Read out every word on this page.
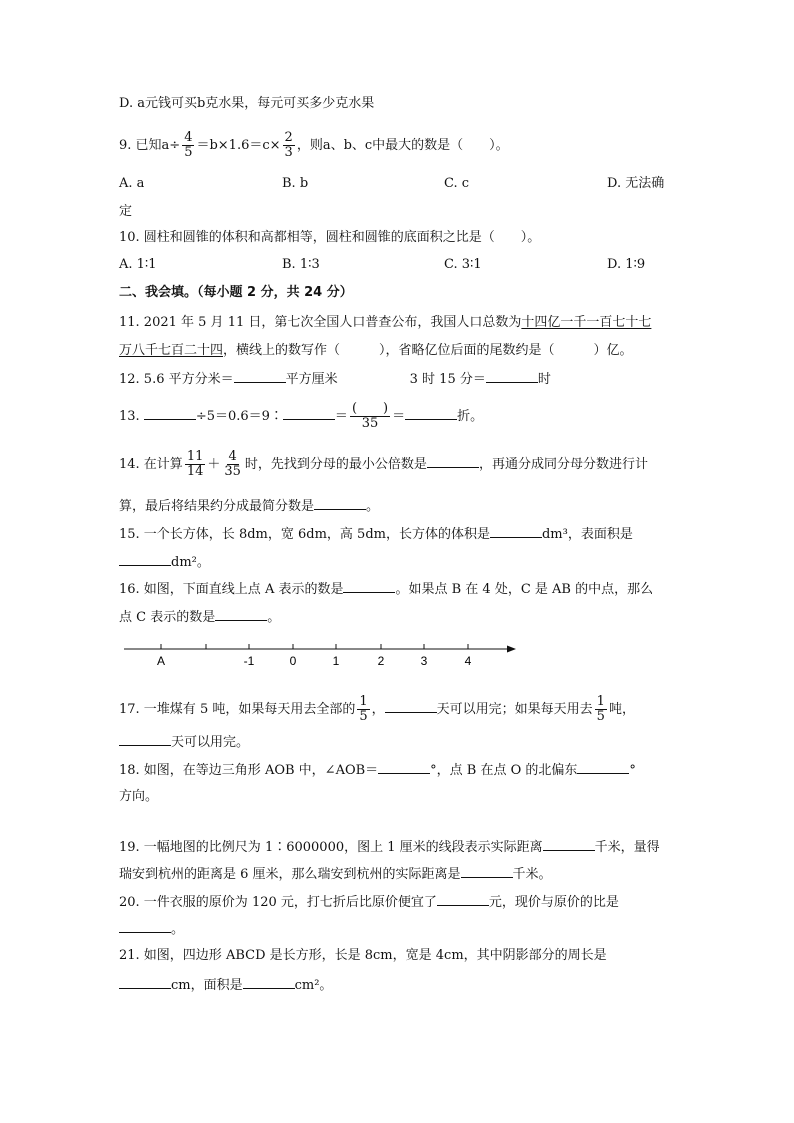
D. a元钱可买b克水果，每元可买多少克水果
9. 已知$a\div \frac{4}{5} =b\times 1.6=c\times \frac{2}{3}$ ，则a、b、c中最大的数是（　　）。
A. a	B. b	C. c	D. 无法确
定
10. 圆柱和圆锥的体积和高都相等，圆柱和圆锥的底面积之比是（　　）。
A. 1∶1	B. 1∶3	C. 3∶1	D. 1∶9
二、我会填。（每小题 2 分，共 24 分）
11. 2021 年 5 月 11 日，第七次全国人口普查公布，我国人口总数为十四亿一千一百七十七
万八千七百二十四，横线上的数写作（　　　），省略亿位后面的尾数约是（　　　）亿。
12. 5.6 平方分米＝	平方厘米	3 时 15 分＝	时
13.	÷5＝0.6＝9∶	＝ $\frac{( )}{35}$ ＝	折。
14. 在计算 $\frac{11}{14} + \frac{4}{35}$ 时，先找到分母的最小公倍数是	，再通分成同分母分数进行计
算，最后将结果约分成最简分数是	。
15. 一个长方体，长 8dm，宽 6dm，高 5dm，长方体的体积是	dm³，表面积是
dm²。
16. 如图，下面直线上点 A 表示的数是	。如果点 B 在 4 处，C 是 AB 的中点，那么
点 C 表示的数是	。
A	-1	0	1	2	3	4
17. 一堆煤有 5 吨，如果每天用去全部的 $\frac{1}{5}$ ，	天可以用完；如果每天用去 $\frac{1}{5}$ 吨，
天可以用完。
18. 如图，在等边三角形 AOB 中，∠AOB＝	°，点 B 在点 O 的北偏东	°
方向。
19. 一幅地图的比例尺为 1∶6000000，图上 1 厘米的线段表示实际距离	千米，量得
瑞安到杭州的距离是 6 厘米，那么瑞安到杭州的实际距离是	千米。
20. 一件衣服的原价为 120 元，打七折后比原价便宜了	元，现价与原价的比是
。
21. 如图，四边形 ABCD 是长方形，长是 8cm，宽是 4cm，其中阴影部分的周长是
cm，面积是	cm²。
